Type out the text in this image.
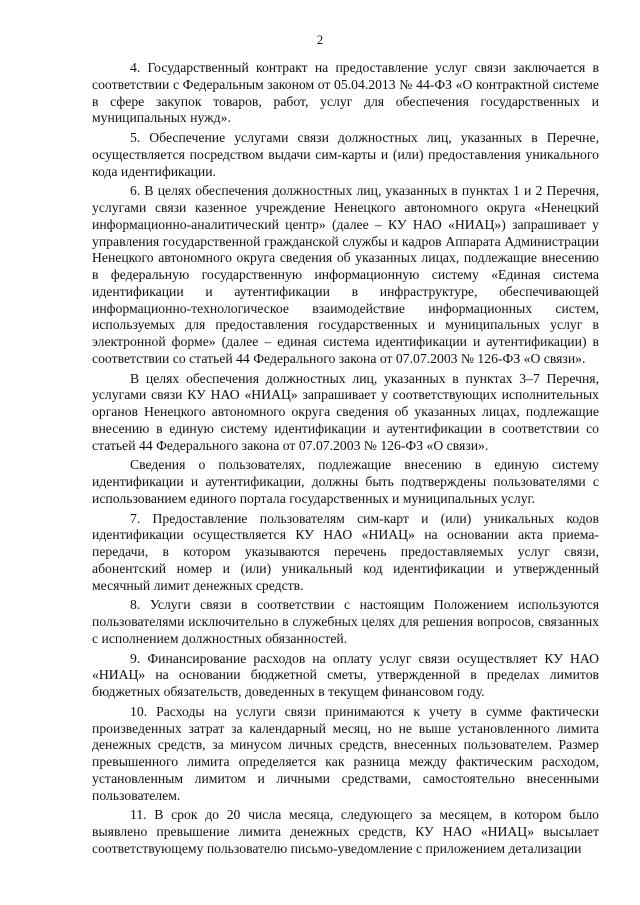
2

4. Государственный контракт на предоставление услуг связи заключается в соответствии с Федеральным законом от 05.04.2013 № 44-ФЗ «О контрактной системе в сфере закупок товаров, работ, услуг для обеспечения государственных и муниципальных нужд».

5. Обеспечение услугами связи должностных лиц, указанных в Перечне, осуществляется посредством выдачи сим-карты и (или) предоставления уникального кода идентификации.

6. В целях обеспечения должностных лиц, указанных в пунктах 1 и 2 Перечня, услугами связи казенное учреждение Ненецкого автономного округа «Ненецкий информационно-аналитический центр» (далее – КУ НАО «НИАЦ») запрашивает у управления государственной гражданской службы и кадров Аппарата Администрации Ненецкого автономного округа сведения об указанных лицах, подлежащие внесению в федеральную государственную информационную систему «Единая система идентификации и аутентификации в инфраструктуре, обеспечивающей информационно-технологическое взаимодействие информационных систем, используемых для предоставления государственных и муниципальных услуг в электронной форме» (далее – единая система идентификации и аутентификации) в соответствии со статьей 44 Федерального закона от 07.07.2003 № 126-ФЗ «О связи».

В целях обеспечения должностных лиц, указанных в пунктах 3–7 Перечня, услугами связи КУ НАО «НИАЦ» запрашивает у соответствующих исполнительных органов Ненецкого автономного округа сведения об указанных лицах, подлежащие внесению в единую систему идентификации и аутентификации в соответствии со статьей 44 Федерального закона от 07.07.2003 № 126-ФЗ «О связи».

Сведения о пользователях, подлежащие внесению в единую систему идентификации и аутентификации, должны быть подтверждены пользователями с использованием единого портала государственных и муниципальных услуг.

7. Предоставление пользователям сим-карт и (или) уникальных кодов идентификации осуществляется КУ НАО «НИАЦ» на основании акта приема-передачи, в котором указываются перечень предоставляемых услуг связи, абонентский номер и (или) уникальный код идентификации и утвержденный месячный лимит денежных средств.

8. Услуги связи в соответствии с настоящим Положением используются пользователями исключительно в служебных целях для решения вопросов, связанных с исполнением должностных обязанностей.

9. Финансирование расходов на оплату услуг связи осуществляет КУ НАО «НИАЦ» на основании бюджетной сметы, утвержденной в пределах лимитов бюджетных обязательств, доведенных в текущем финансовом году.

10. Расходы на услуги связи принимаются к учету в сумме фактически произведенных затрат за календарный месяц, но не выше установленного лимита денежных средств, за минусом личных средств, внесенных пользователем. Размер превышенного лимита определяется как разница между фактическим расходом, установленным лимитом и личными средствами, самостоятельно внесенными пользователем.

11. В срок до 20 числа месяца, следующего за месяцем, в котором было выявлено превышение лимита денежных средств, КУ НАО «НИАЦ» высылает соответствующему пользователю письмо-уведомление с приложением детализации
